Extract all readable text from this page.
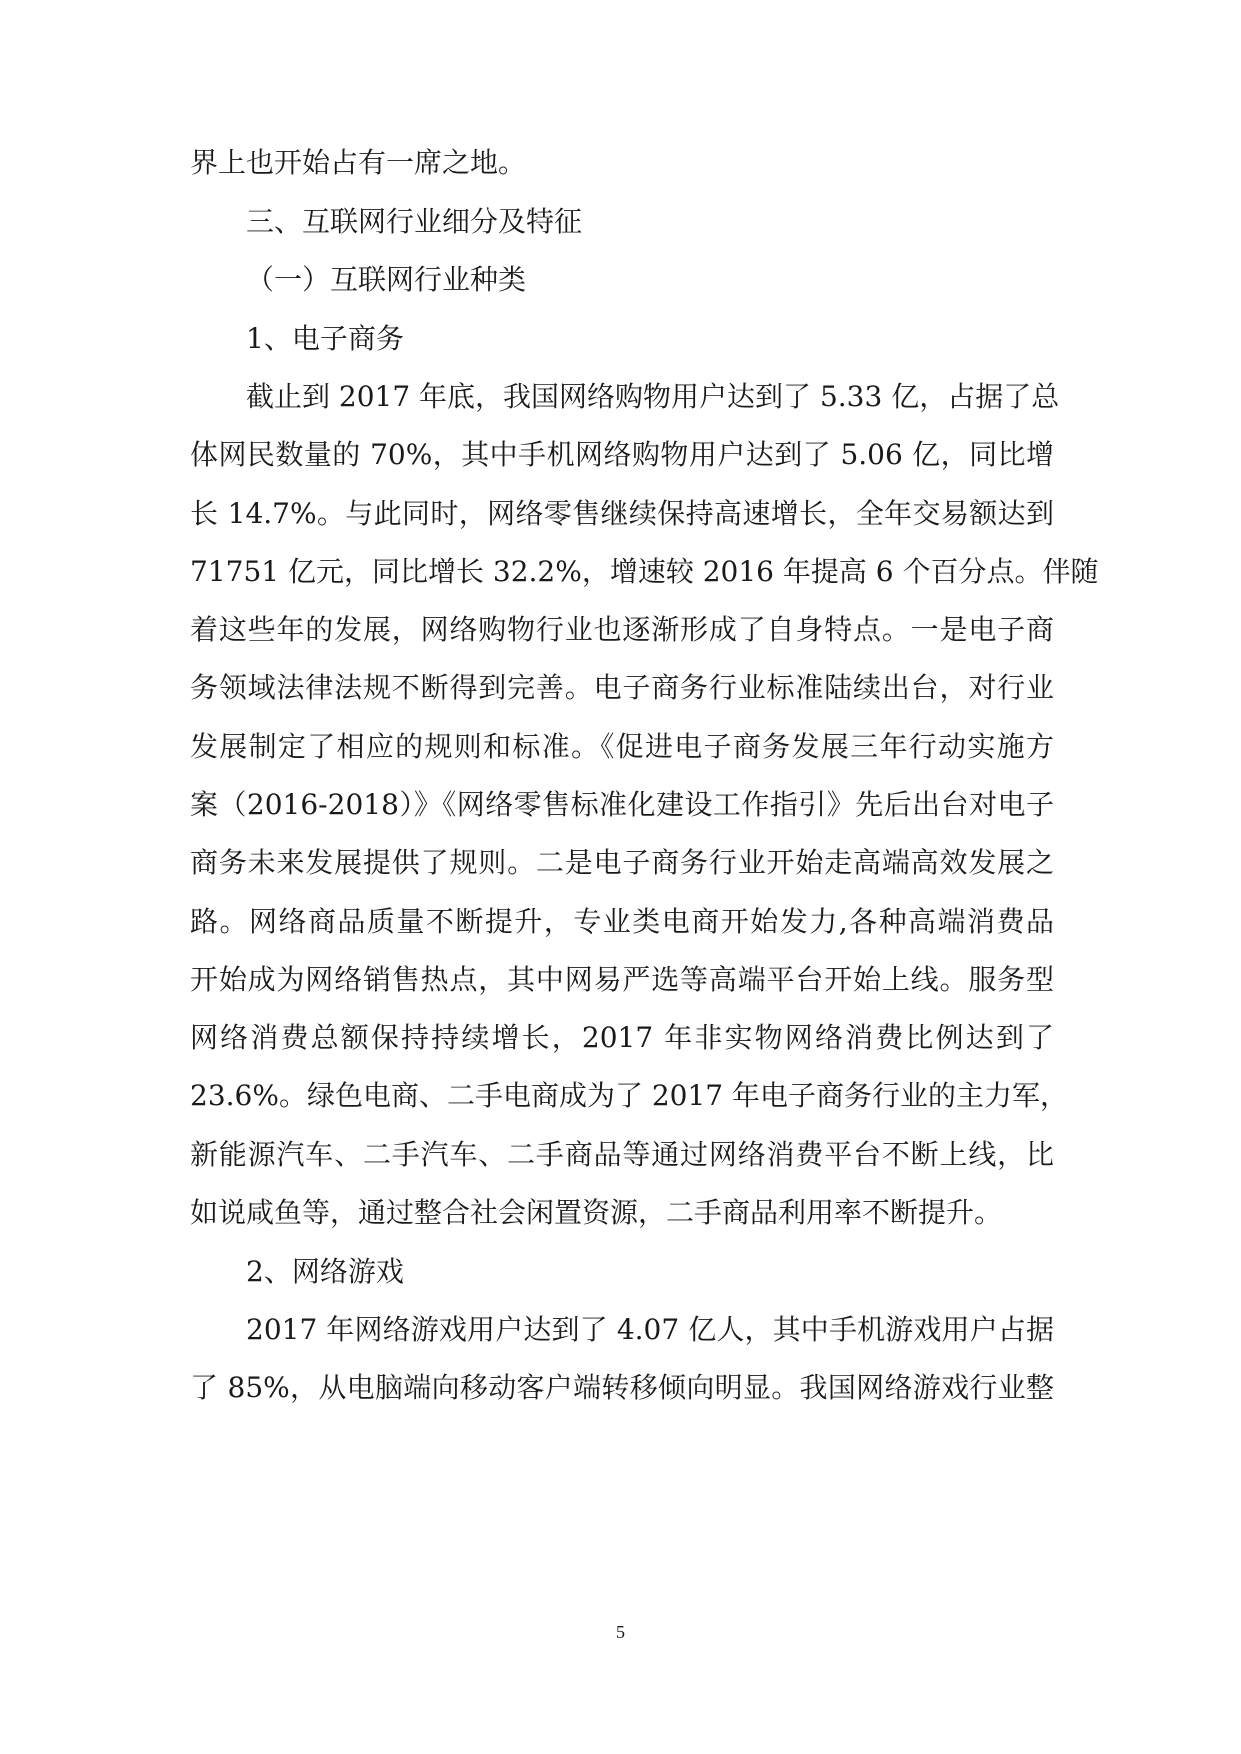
界上也开始占有一席之地。
三、互联网行业细分及特征
（一）互联网行业种类
1、电子商务
截止到 2017 年底，我国网络购物用户达到了 5.33 亿，占据了总
体网民数量的 70%，其中手机网络购物用户达到了 5.06 亿，同比增
长 14.7%。与此同时，网络零售继续保持高速增长，全年交易额达到
71751 亿元，同比增长 32.2%，增速较 2016 年提高 6 个百分点。伴随
着这些年的发展，网络购物行业也逐渐形成了自身特点。一是电子商
务领域法律法规不断得到完善。电子商务行业标准陆续出台，对行业
发展制定了相应的规则和标准。《促进电子商务发展三年行动实施方
案（2016-2018）》《网络零售标准化建设工作指引》先后出台对电子
商务未来发展提供了规则。二是电子商务行业开始走高端高效发展之
路。网络商品质量不断提升，专业类电商开始发力,各种高端消费品
开始成为网络销售热点，其中网易严选等高端平台开始上线。服务型
网络消费总额保持持续增长，2017 年非实物网络消费比例达到了
23.6%。绿色电商、二手电商成为了 2017 年电子商务行业的主力军，
新能源汽车、二手汽车、二手商品等通过网络消费平台不断上线，比
如说咸鱼等，通过整合社会闲置资源，二手商品利用率不断提升。
2、网络游戏
2017 年网络游戏用户达到了 4.07 亿人，其中手机游戏用户占据
了 85%，从电脑端向移动客户端转移倾向明显。我国网络游戏行业整
5
